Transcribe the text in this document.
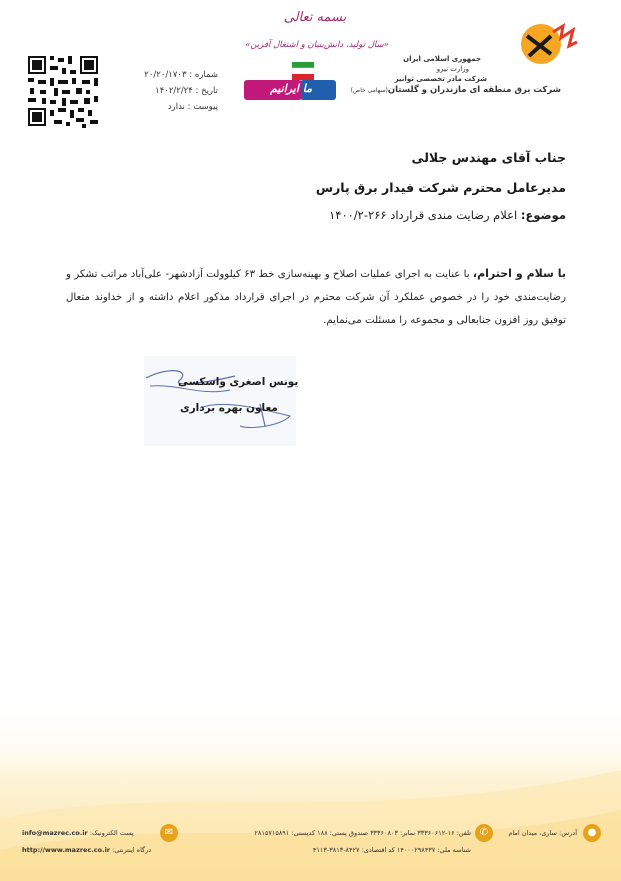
بسمه تعالی
«سال تولید، دانش‌بنیان و اشتغال آفرین»
جمهوری اسلامی ایران
وزارت نیرو
شرکت مادر تخصصی توانیر
شرکت برق منطقه ای مازندران و گلستان(سهامی خاص)
ما ایرانیم
شماره : ۲۰/۲۰/۱۷۰۳
تاریخ : ۱۴۰۲/۲/۲۴
پیوست : ندارد
جناب آقای مهندس جلالی
مدیرعامل محترم شرکت فیدار برق پارس
موضوع: اعلام رضایت مندی قرارداد ۲۶۶-۱۴۰۰/۲
با سلام و احترام، با عنایت به اجرای عملیات اصلاح و بهینه‌سازی خط ۶۳ کیلوولت آزادشهر- علی‌آباد مراتب تشکر و رضایت‌مندی خود را در خصوص عملکرد آن شرکت محترم در اجرای قرارداد مذکور اعلام داشته و از خداوند متعال توفیق روز افزون جنابعالی و مجموعه را مسئلت می‌نمایم.
یونس اصغری واسکسی
معاون بهره برداری
●
آدرس: ساری، میدان امام
✆
تلفن: ۱۶-۳۳۳۶۰۶۱۲ نمابر: ۳۳۳۶۰۸۰۳ صندوق پستی: ۱۸۸ کدپستی: ۲۸۱۵۷۱۵۸۹۱
شناسه ملی: ۱۴۰۰۰۲۹۸۴۳۷ کد اقتصادی: ۸۴۲۷-۳۸۱۳-۴۱۱۳
✉
پست الکترونیک: info@mazrec.co.ir
درگاه اینترنتی: http://www.mazrec.co.ir
